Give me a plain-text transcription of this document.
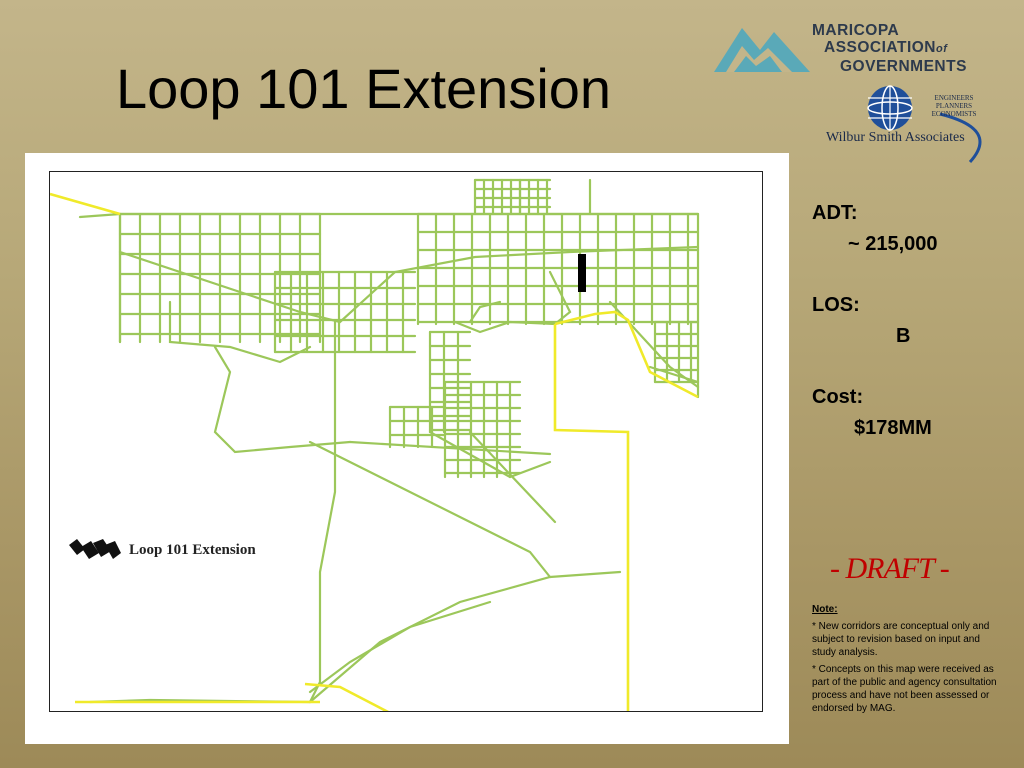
Loop 101 Extension
MARICOPA
ASSOCIATIONof
GOVERNMENTS
ENGINEERS
PLANNERS
ECONOMISTS
Wilbur Smith Associates
Loop 101 Extension
ADT:
~ 215,000
LOS:
B
Cost:
$178MM
- DRAFT -
Note:

* New corridors are conceptual only and subject to revision based on input and study analysis.

* Concepts on this map were received as part of the public and agency consultation process and have not been assessed or endorsed by MAG.
